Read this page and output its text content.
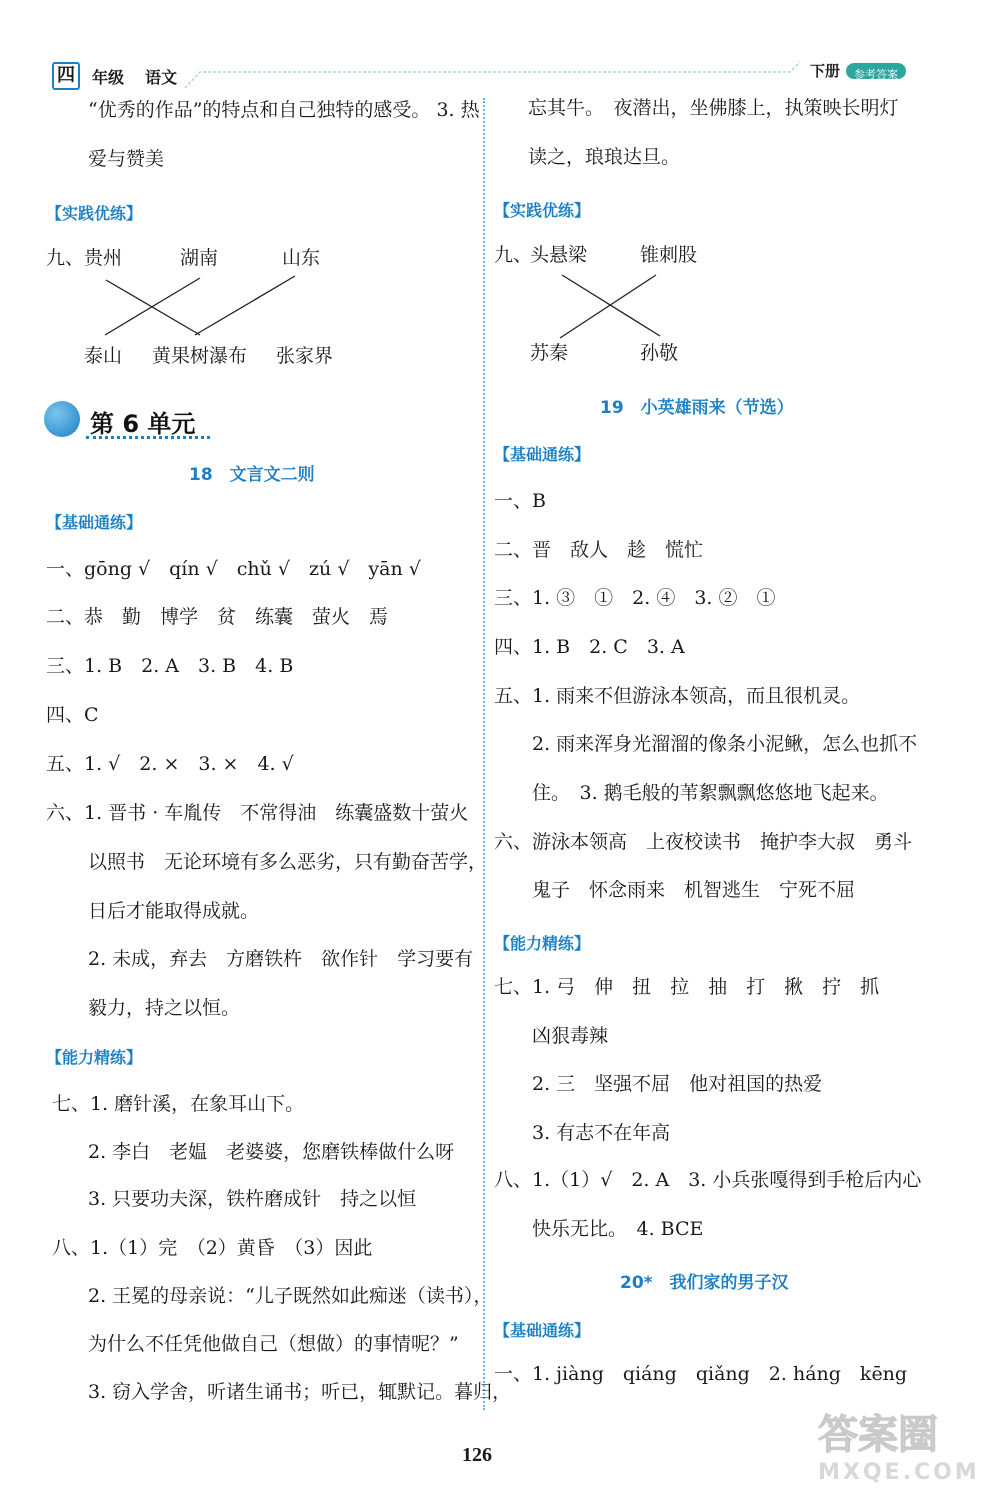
四	年级 语文	下册	参考答案
“优秀的作品”的特点和自己独特的感受。 3. 热
爱与赞美
【实践优练】
九、 贵州	湖南	山东
泰山 黄果树瀑布 张家界
第 6 单元
18　文言文二则
【基础通练】
一、gōng √　qín √　chǔ √　zú √　yān √
二、恭　勤　博学　贫　练囊　萤火　焉
三、1. B　2. A　3. B　4. B
四、C
五、1. √　2. ×　3. ×　4. √
六、1. 晋书 · 车胤传　不常得油　练囊盛数十萤火
以照书　无论环境有多么恶劣，只有勤奋苦学，
日后才能取得成就。
2. 未成，弃去　方磨铁杵　欲作针　学习要有
毅力，持之以恒。
【能力精练】
七、1. 磨针溪，在象耳山下。
2. 李白　老媪　老婆婆，您磨铁棒做什么呀
3. 只要功夫深，铁杵磨成针　持之以恒
八、1.（1）完　（2）黄昏　（3）因此
2. 王冕的母亲说：“儿子既然如此痴迷（读书），
为什么不任凭他做自己（想做）的事情呢？”
3. 窃入学舍，听诸生诵书；听已，辄默记。暮归，
忘其牛。　夜潜出，坐佛膝上，执策映长明灯
读之，琅琅达旦。
【实践优练】
九、
头悬梁	锥刺股
苏秦	孙敬
19　小英雄雨来（节选）
【基础通练】
一、B
二、晋　敌人　趁　慌忙
三、1. ③　①　2. ④　3. ②　①
四、1. B　2. C　3. A
五、1. 雨来不但游泳本领高，而且很机灵。
2. 雨来浑身光溜溜的像条小泥鳅，怎么也抓不
住。　3. 鹅毛般的苇絮飘飘悠悠地飞起来。
六、游泳本领高　上夜校读书　掩护李大叔　勇斗
鬼子　怀念雨来　机智逃生　宁死不屈
【能力精练】
七、1. 弓　伸　扭　拉　抽　打　揪　拧　抓
凶狠毒辣
2. 三　坚强不屈　他对祖国的热爱
3. 有志不在年高
八、1.（1）√　2. A　3. 小兵张嘎得到手枪后内心
快乐无比。　4. BCE
20*　我们家的男子汉
【基础通练】
一、1. jiàng　qiáng　qiǎng　2. háng　kēng
126	答案圈
MXQE.COM
